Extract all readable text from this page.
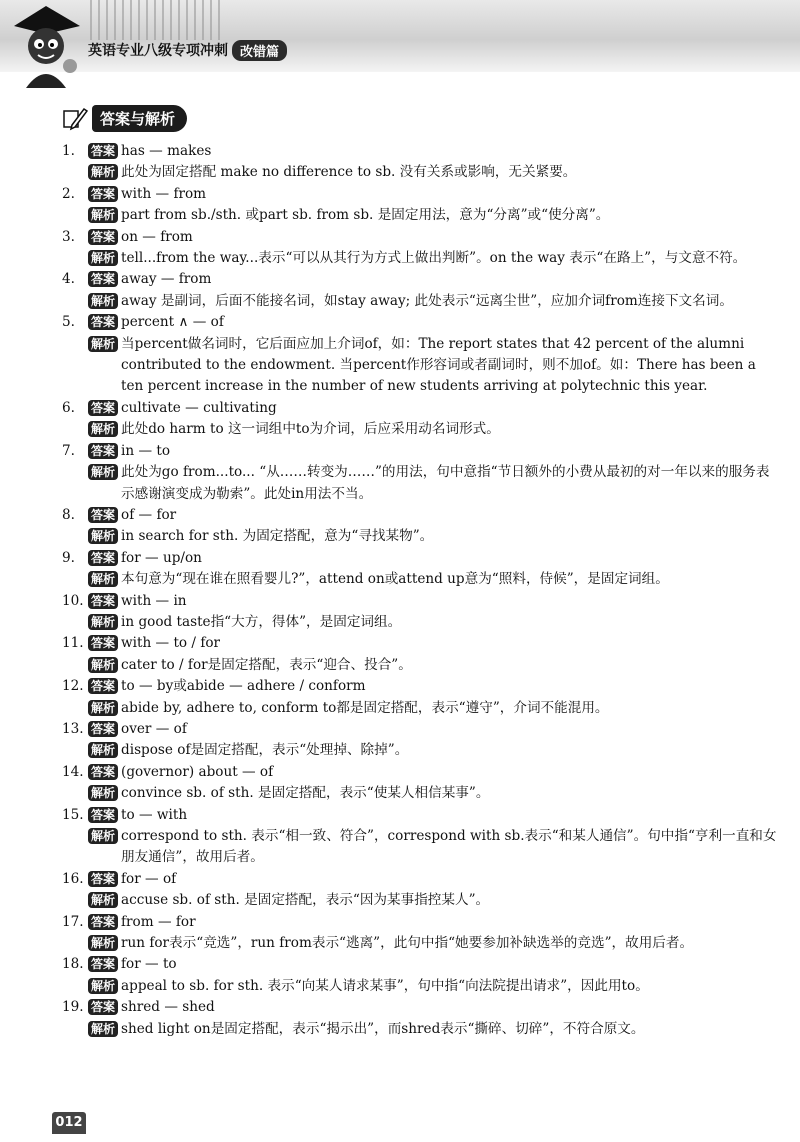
英语专业八级专项冲刺 改错篇
答案与解析
1.	答案 has — makes
解析 此处为固定搭配 make no difference to sb. 没有关系或影响，无关紧要。
2.	答案 with — from
解析 part from sb./sth. 或part sb. from sb. 是固定用法，意为“分离”或“使分离”。
3.	答案 on — from
解析 tell...from the way...表示“可以从其行为方式上做出判断”。on the way 表示“在路上”，与文意不符。
4.	答案 away — from
解析 away 是副词，后面不能接名词，如stay away; 此处表示“远离尘世”，应加介词from连接下文名词。
5.	答案 percent ∧ — of
解析 当percent做名词时，它后面应加上介词of，如：The report states that 42 percent of the alumni contributed to the endowment. 当percent作形容词或者副词时，则不加of。如：There has been a ten percent increase in the number of new students arriving at polytechnic this year.
6.	答案 cultivate — cultivating
解析 此处do harm to 这一词组中to为介词，后应采用动名词形式。
7.	答案 in — to
解析 此处为go from...to... “从……转变为……”的用法，句中意指“节日额外的小费从最初的对一年以来的服务表示感谢演变成为勒索”。此处in用法不当。
8.	答案 of — for
解析 in search for sth. 为固定搭配，意为“寻找某物”。
9.	答案 for — up/on
解析 本句意为“现在谁在照看婴儿?”，attend on或attend up意为“照料，侍候”，是固定词组。
10. 答案 with — in
解析 in good taste指“大方，得体”，是固定词组。
11. 答案 with — to / for
解析 cater to / for是固定搭配，表示“迎合、投合”。
12. 答案 to — by或abide — adhere / conform
解析 abide by, adhere to, conform to都是固定搭配，表示“遵守”，介词不能混用。
13. 答案 over — of
解析 dispose of是固定搭配，表示“处理掉、除掉”。
14. 答案 (governor) about — of
解析 convince sb. of sth. 是固定搭配，表示“使某人相信某事”。
15. 答案 to — with
解析 correspond to sth. 表示“相一致、符合”，correspond with sb.表示“和某人通信”。句中指“亨利一直和女朋友通信”，故用后者。
16. 答案 for — of
解析 accuse sb. of sth. 是固定搭配，表示“因为某事指控某人”。
17. 答案 from — for
解析 run for表示“竞选”，run from表示“逃离”，此句中指“她要参加补缺选举的竞选”，故用后者。
18. 答案 for — to
解析 appeal to sb. for sth. 表示“向某人请求某事”，句中指“向法院提出请求”，因此用to。
19. 答案 shred — shed
解析 shed light on是固定搭配，表示“揭示出”，而shred表示“撕碎、切碎”，不符合原文。
012
